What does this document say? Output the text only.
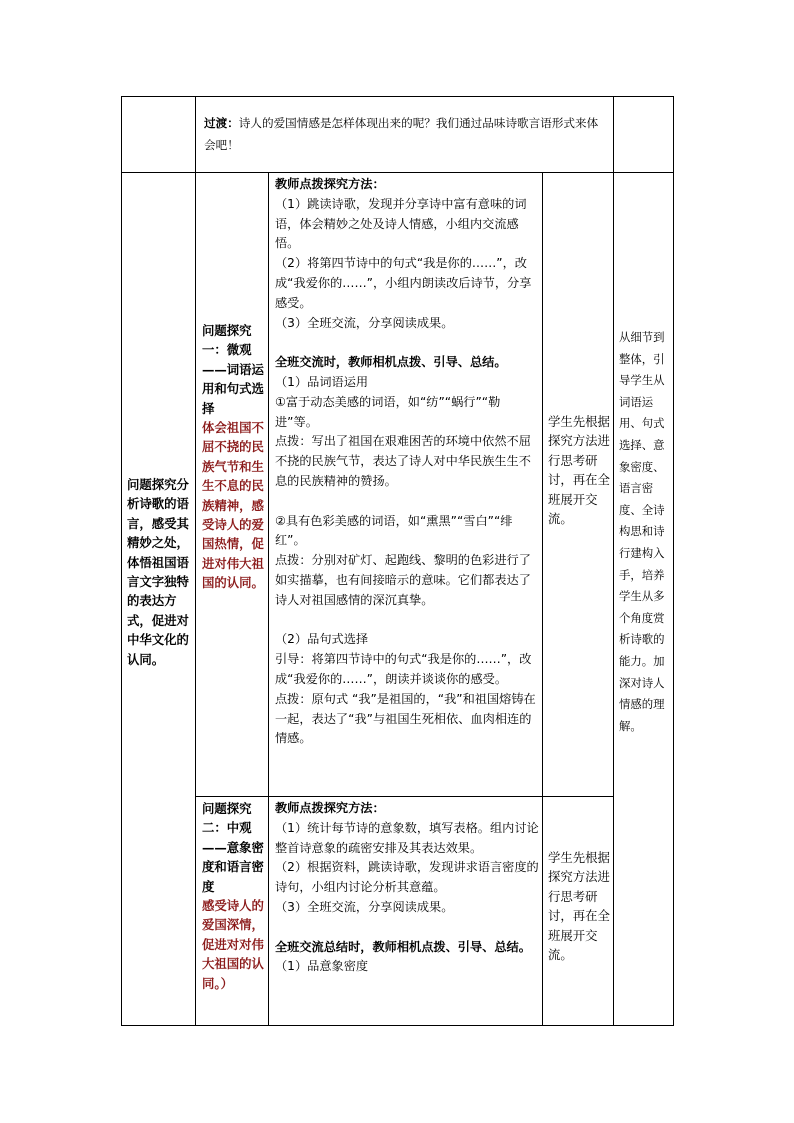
过渡：诗人的爱国情感是怎样体现出来的呢？我们通过品味诗歌言语形式来体会吧！
问题探究分析诗歌的语言，感受其精妙之处，体悟祖国语言文字独特的表达方式，促进对中华文化的认同。

问题探究一：微观——词语运用和句式选择

体会祖国不屈不挠的民族气节和生生不息的民族精神，感受诗人的爱国热情，促进对伟大祖国的认同。

教师点拨探究方法：

（1）跳读诗歌，发现并分享诗中富有意味的词语，体会精妙之处及诗人情感，小组内交流感悟。

（2）将第四节诗中的句式“我是你的……”，改成“我爱你的……”，小组内朗读改后诗节，分享感受。

（3）全班交流，分享阅读成果。

全班交流时，教师相机点拨、引导、总结。

（1）品词语运用

①富于动态美感的词语，如“纺”“蜗行”“勒进”等。

点拨：写出了祖国在艰难困苦的环境中依然不屈不挠的民族气节，表达了诗人对中华民族生生不息的民族精神的赞扬。

②具有色彩美感的词语，如“熏黑”“雪白”“绯红”。

点拨：分别对矿灯、起跑线、黎明的色彩进行了如实描摹，也有间接暗示的意味。它们都表达了诗人对祖国感情的深沉真挚。

（2）品句式选择

引导：将第四节诗中的句式“我是你的……”，改成“我爱你的……”，朗读并谈谈你的感受。

点拨：原句式 “我”是祖国的，“我”和祖国熔铸在一起，表达了“我”与祖国生死相依、血肉相连的情感。

学生先根据探究方法进行思考研讨，再在全班展开交流。

问题探究二：中观——意象密度和语言密度

感受诗人的爱国深情，促进对对伟大祖国的认同。）

教师点拨探究方法：

（1）统计每节诗的意象数，填写表格。组内讨论整首诗意象的疏密安排及其表达效果。

（2）根据资料，跳读诗歌，发现讲求语言密度的诗句，小组内讨论分析其意蕴。

（3）全班交流，分享阅读成果。

全班交流总结时，教师相机点拨、引导、总结。

（1）品意象密度

学生先根据探究方法进行思考研讨，再在全班展开交流。
从细节到整体，引导学生从词语运用、句式选择、意象密度、语言密度、全诗构思和诗行建构入手，培养学生从多个角度赏析诗歌的能力。加深对诗人情感的理解。
